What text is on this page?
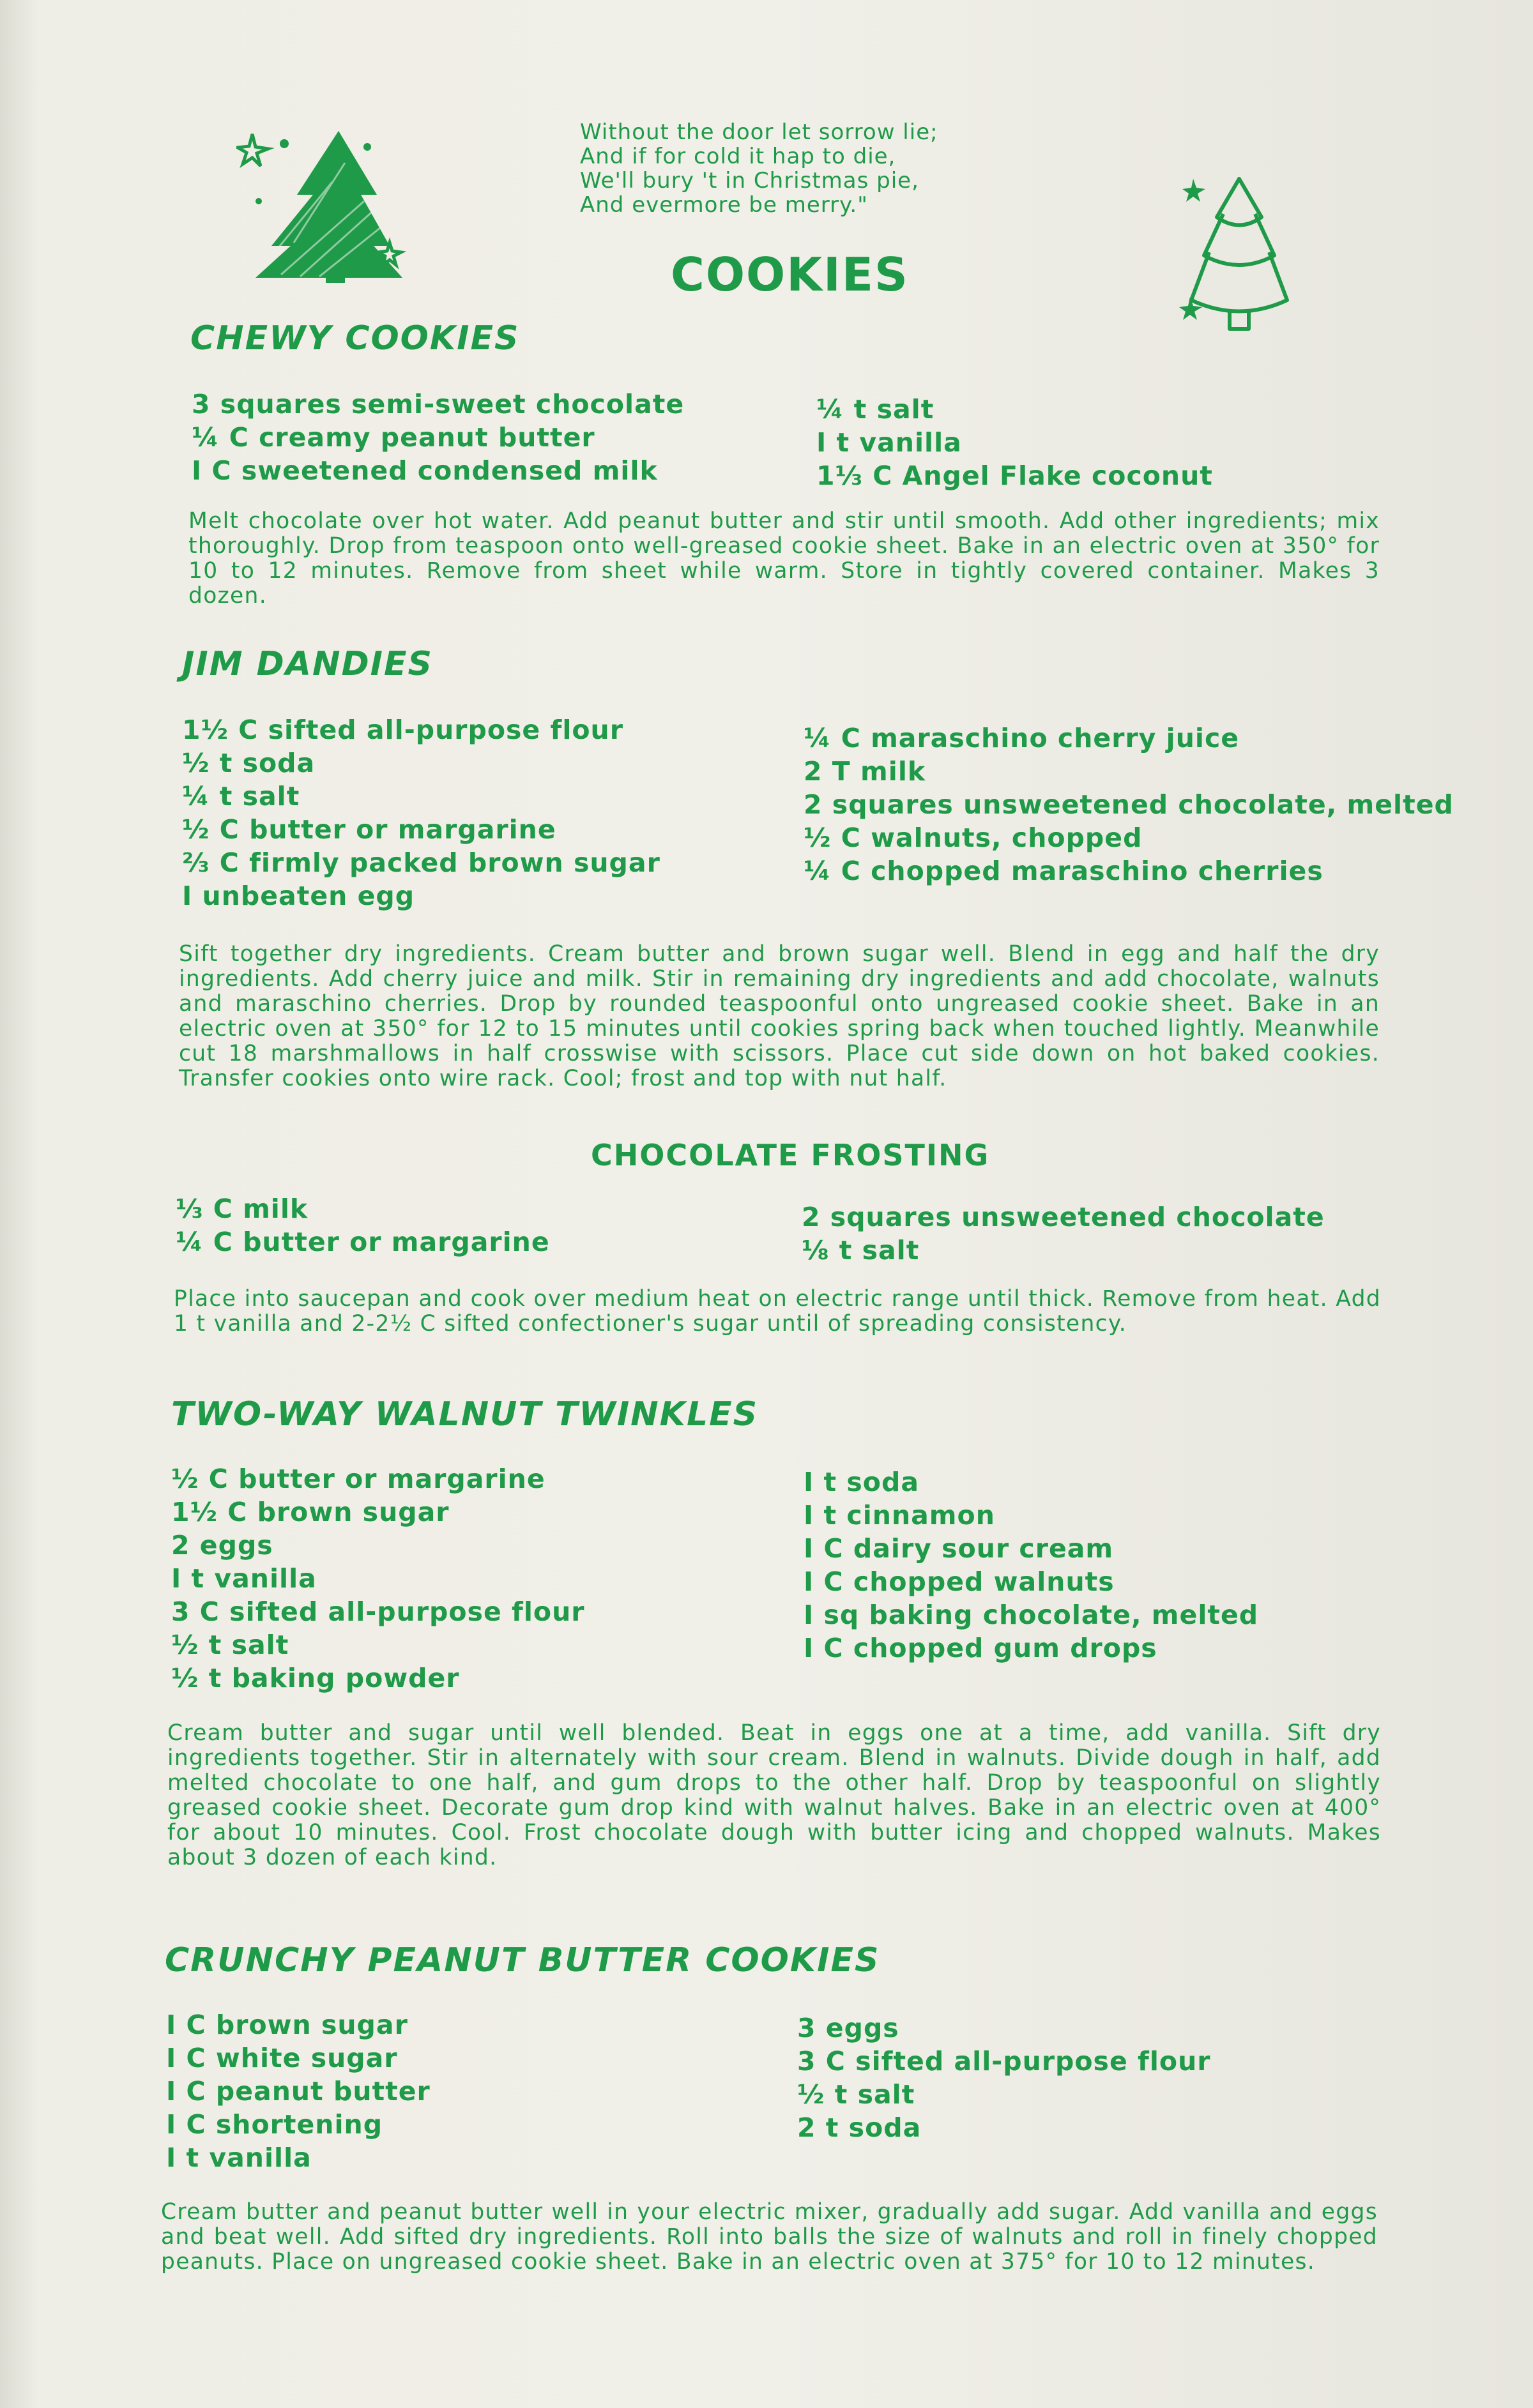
Without the door let sorrow lie;
And if for cold it hap to die,
We'll bury 't in Christmas pie,
And evermore be merry."
COOKIES
CHEWY COOKIES
3 squares semi-sweet chocolate
¼ C creamy peanut butter
I C sweetened condensed milk
¼ t salt
I t vanilla
1⅓ C Angel Flake coconut
Melt chocolate over hot water. Add peanut butter and stir until smooth. Add other ingredients; mix thoroughly. Drop from teaspoon onto well-greased cookie sheet. Bake in an electric oven at 350° for 10 to 12 minutes. Remove from sheet while warm. Store in tightly covered container. Makes 3 dozen.
JIM DANDIES
1½ C sifted all-purpose flour
½ t soda
¼ t salt
½ C butter or margarine
⅔ C firmly packed brown sugar
I unbeaten egg
¼ C maraschino cherry juice
2 T milk
2 squares unsweetened chocolate, melted
½ C walnuts, chopped
¼ C chopped maraschino cherries
Sift together dry ingredients. Cream butter and brown sugar well. Blend in egg and half the dry ingredients. Add cherry juice and milk. Stir in remaining dry ingredients and add chocolate, walnuts and maraschino cherries. Drop by rounded teaspoonful onto ungreased cookie sheet. Bake in an electric oven at 350° for 12 to 15 minutes until cookies spring back when touched lightly. Meanwhile cut 18 marshmallows in half crosswise with scissors. Place cut side down on hot baked cookies. Transfer cookies onto wire rack. Cool; frost and top with nut half.
CHOCOLATE FROSTING
⅓ C milk
¼ C butter or margarine
2 squares unsweetened chocolate
⅛ t salt
Place into saucepan and cook over medium heat on electric range until thick. Remove from heat. Add 1 t vanilla and 2-2½ C sifted confectioner's sugar until of spreading consistency.
TWO-WAY WALNUT TWINKLES
½ C butter or margarine
1½ C brown sugar
2 eggs
I t vanilla
3 C sifted all-purpose flour
½ t salt
½ t baking powder
I t soda
I t cinnamon
I C dairy sour cream
I C chopped walnuts
I sq baking chocolate, melted
I C chopped gum drops
Cream butter and sugar until well blended. Beat in eggs one at a time, add vanilla. Sift dry ingredients together. Stir in alternately with sour cream. Blend in walnuts. Divide dough in half, add melted chocolate to one half, and gum drops to the other half. Drop by teaspoonful on slightly greased cookie sheet. Decorate gum drop kind with walnut halves. Bake in an electric oven at 400° for about 10 minutes. Cool. Frost chocolate dough with butter icing and chopped walnuts. Makes about 3 dozen of each kind.
CRUNCHY PEANUT BUTTER COOKIES
I C brown sugar
I C white sugar
I C peanut butter
I C shortening
I t vanilla
3 eggs
3 C sifted all-purpose flour
½ t salt
2 t soda
Cream butter and peanut butter well in your electric mixer, gradually add sugar. Add vanilla and eggs and beat well. Add sifted dry ingredients. Roll into balls the size of walnuts and roll in finely chopped peanuts. Place on ungreased cookie sheet. Bake in an electric oven at 375° for 10 to 12 minutes.
